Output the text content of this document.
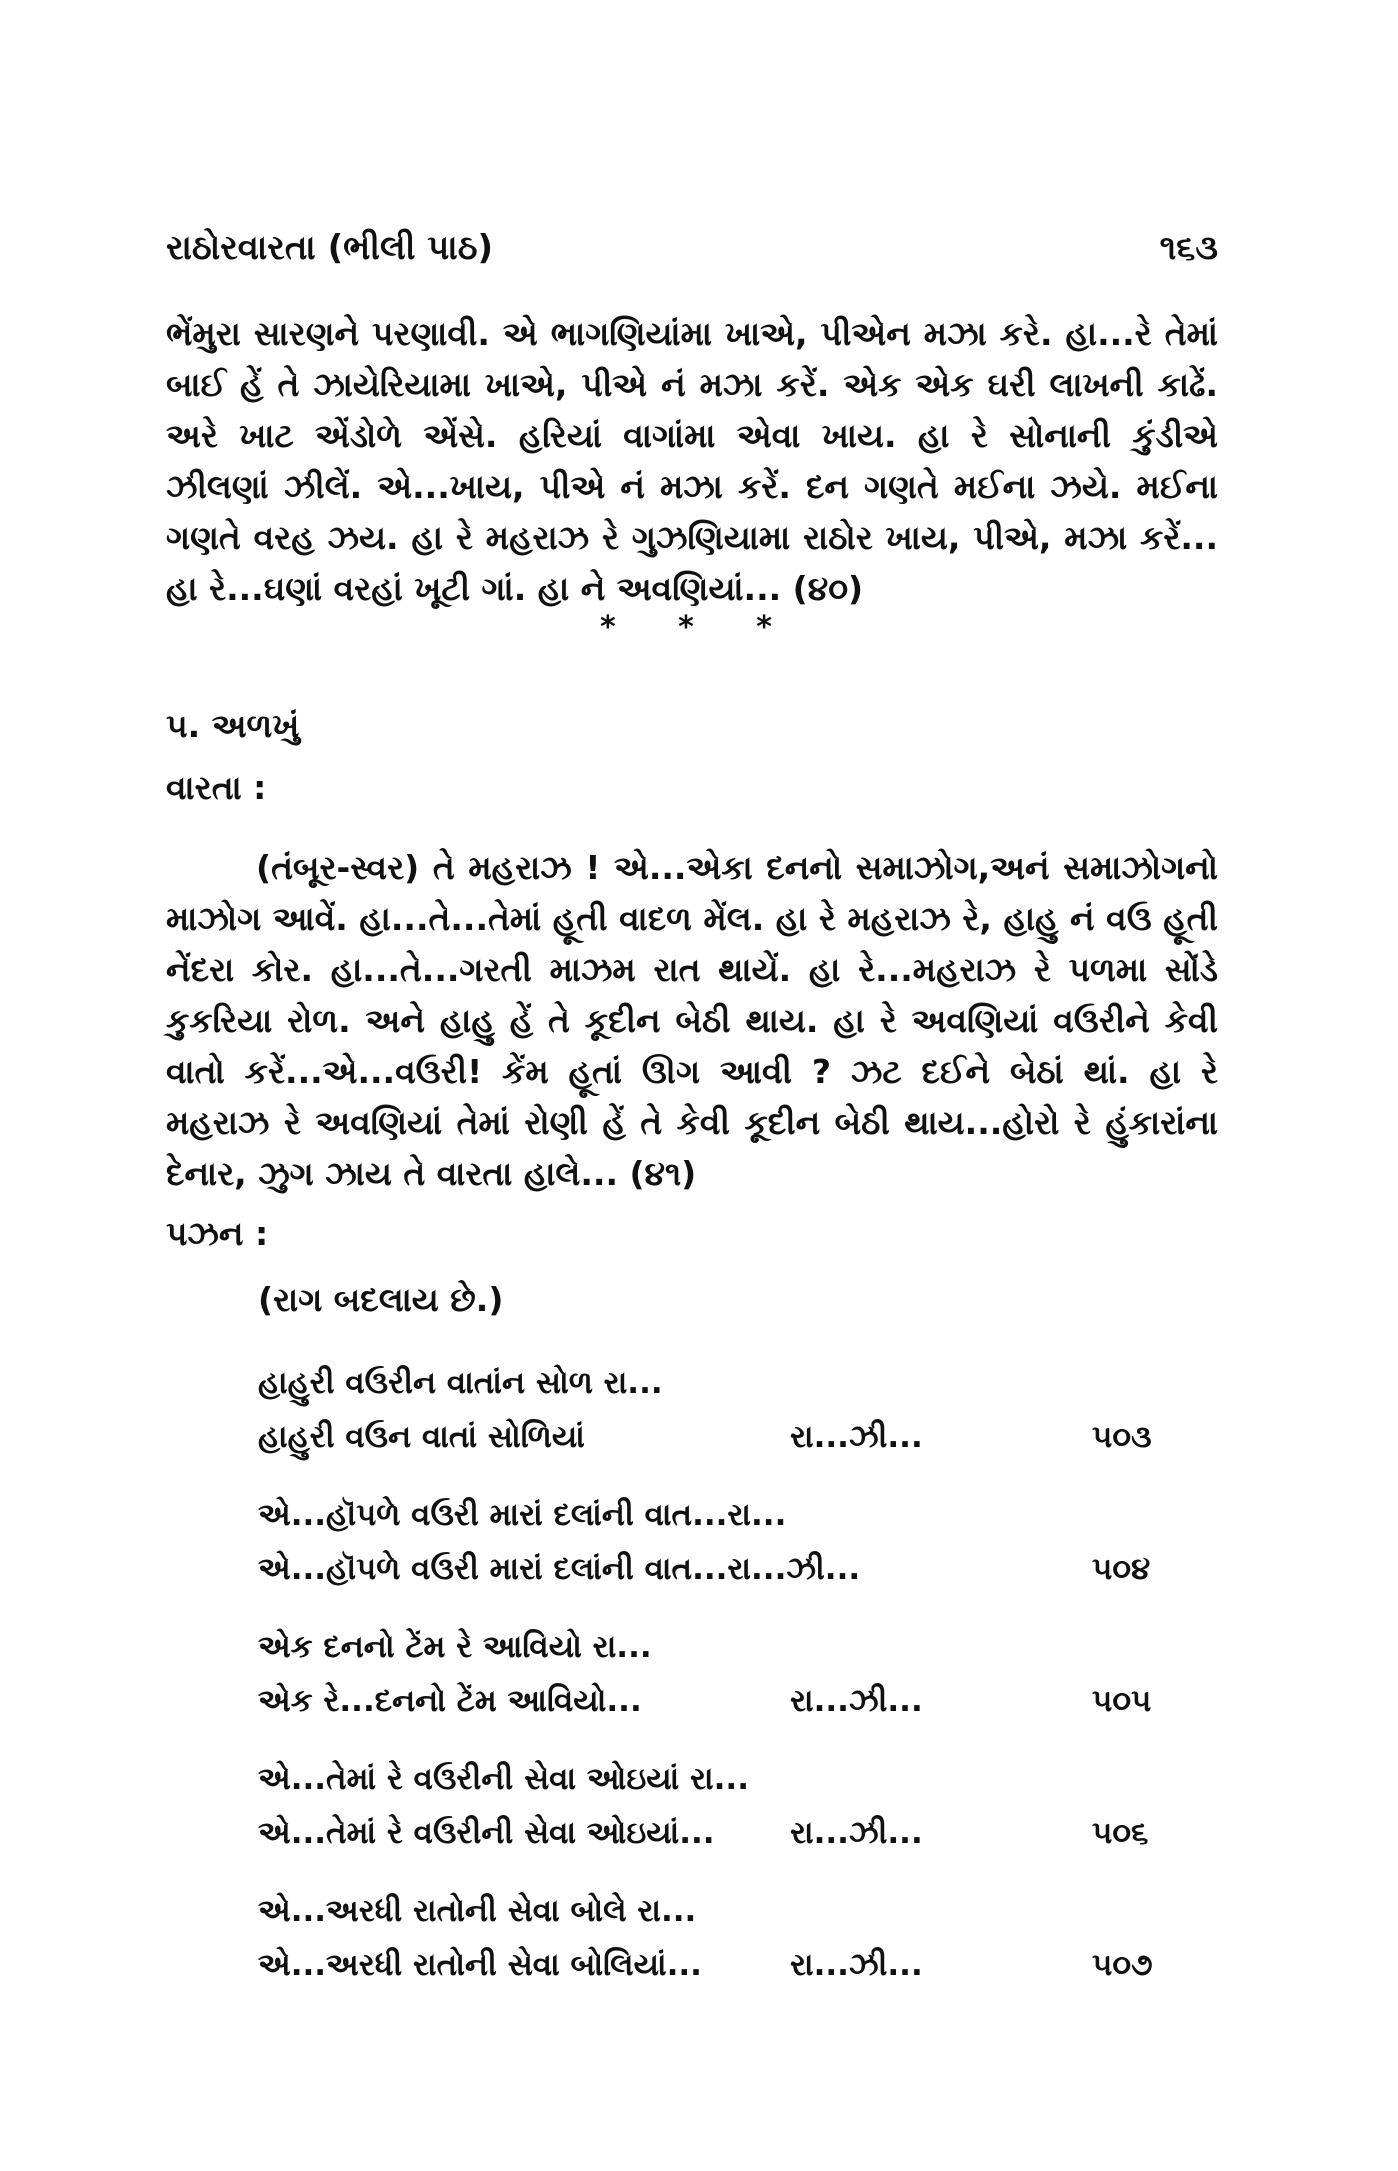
રાઠોરવારતા (ભીલી પાઠ)	૧૬૩

ભેંમુરા સારણને પરણાવી. એ ભાગણિયાંમા ખાએ, પીએન મઝા કરે. હા...રે તેમાં બાઈ હેં તે ઝાયેરિયામા ખાએ, પીએ નં મઝા કરેં. એક એક ઘરી લાખની કાઢેં. અરે ખાટ એંડોળે એંસે. હરિયાં વાગાંમા એવા ખાય. હા રે સોનાની કુંડીએ ઝીલણાં ઝીલેં. એ...ખાય, પીએ નં મઝા કરેં. દન ગણતે મઈના ઝયે. મઈના ગણતે વરહ ઝય. હા રે મહરાઝ રે ગુઝણિયામા રાઠોર ખાય, પીએ, મઝા કરેં... હા રે...ઘણાં વરહાં ખૂટી ગાં. હા ને અવણિયાં... (૪૦)

* * *
૫. અળખું
વારતા :

(તંબૂર-સ્વર) તે મહરાઝ ! એ...એકા દનનો સમાઝોગ,અનં સમાઝોગનો માઝોગ આવેં. હા...તે...તેમાં હૂતી વાદળ મેંલ. હા રે મહરાઝ રે, હાહુ નં વઉ હૂતી નેંદરા કોર. હા...તે...ગરતી માઝમ રાત થાયેં. હા રે...મહરાઝ રે પળમા સોંડે કુકરિયા રોળ. અને હાહુ હેં તે કૂદીન બેઠી થાય. હા રે અવણિયાં વઉરીને કેવી વાતો કરેં...એ...વઉરી! કેંમ હૂતાં ઊગ આવી ? ઝટ દઈને બેઠાં થાં. હા રે મહરાઝ રે અવણિયાં તેમાં રોણી હેં તે કેવી કૂદીન બેઠી થાય...હોરો રે હુંકારાંના દેનાર, ઝુગ ઝાય તે વારતા હાલે... (૪૧)

પઝન :
(રાગ બદલાય છે.)
હાહુરી વઉરીન વાતાંન સોળ રા...
હાહુરી વઉન વાતાં સોળિયાં	રા...ઝી...	૫૦૩
એ...હૉપળે વઉરી મારાં દલાંની વાત...રા...
એ...હૉપળે વઉરી મારાં દલાંની વાત...રા...ઝી...	૫૦૪
એક દનનો ટેંમ રે આવિયો રા...
એક રે...દનનો ટેંમ આવિયો...	રા...ઝી...	૫૦૫
એ...તેમાં રે વઉરીની સેવા ઓઇયાં રા...
એ...તેમાં રે વઉરીની સેવા ઓઇયાં... રા...ઝી...	૫૦૬
એ...અરધી રાતોની સેવા બોલે રા...
એ...અરધી રાતોની સેવા બોલિયાં...	રા...ઝી...	૫૦૭
